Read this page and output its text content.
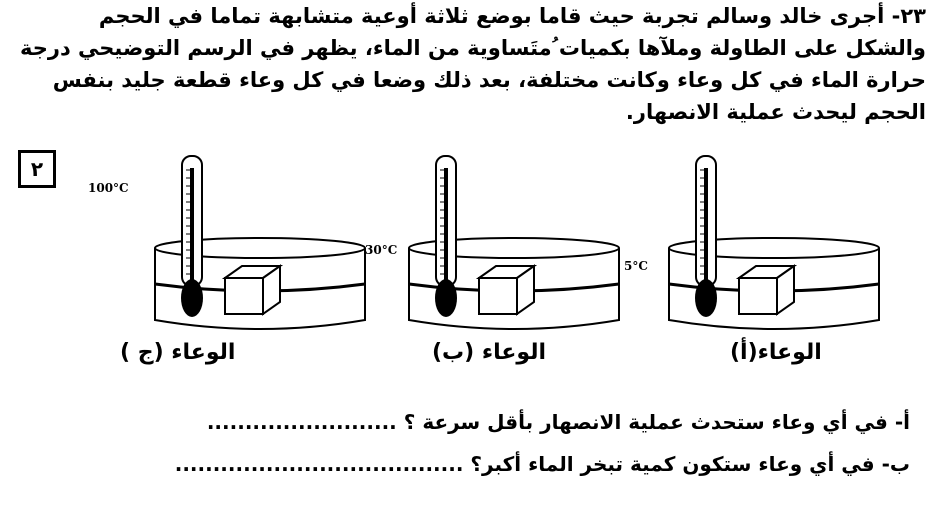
٢٣- أجرى خالد وسالم تجربة حيث قاما بوضع ثلاثة أوعية متشابهة تماما في الحجم
والشكل على الطاولة وملآها بكميات ُمتَساوية من الماء، يظهر في الرسم التوضيحي درجة
حرارة الماء في كل وعاء وكانت مختلفة، بعد ذلك وضعا في كل وعاء قطعة جليد بنفس
الحجم ليحدث عملية الانصهار.
٢
100°C
30°C
5°C
الوعاء (ج )	الوعاء (ب)	الوعاء(أ)
أ- في أي وعاء ستحدث عملية الانصهار بأقل سرعة ؟ .........................
ب- في أي وعاء ستكون كمية تبخر الماء أكبر؟ ......................................
